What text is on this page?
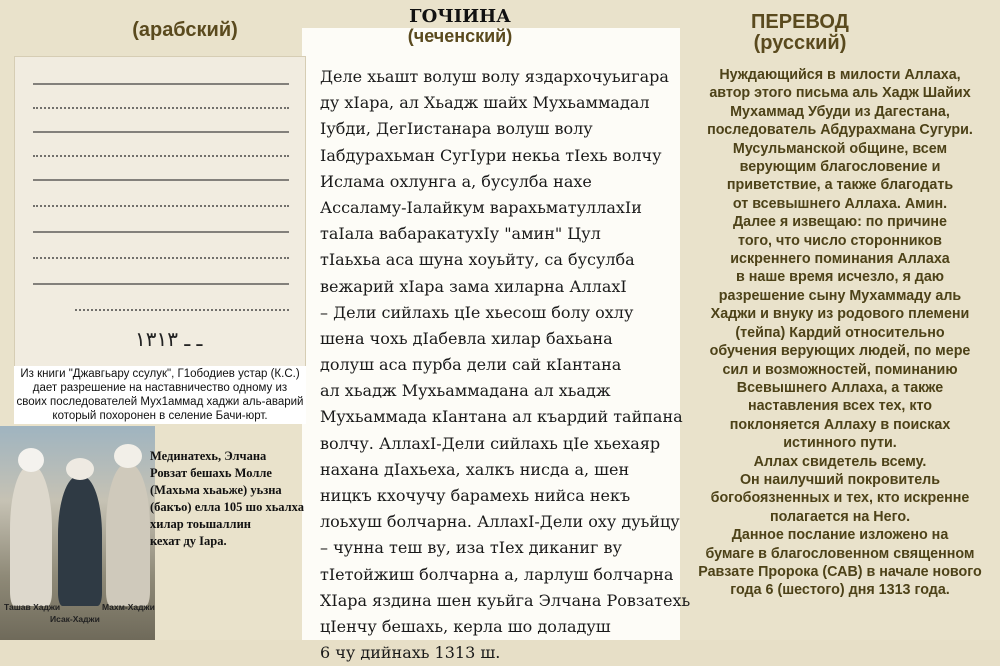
(арабский)
Деле хьашт волуш волу яздархочуьигара
ду хІара, ал Хьадж шайх Мухьаммадал
Іубди, ДегІистанара волуш волу
Іабдурахьман СугІури некьа тІехь волчу
Ислама охлунга а, бусулба нахе
Ассаламу-Іалайкум варахьматуллахІи
таІала вабаракатухІу "амин" Цул
тІаьхьа аса шуна хоуьйту, са бусулба
вежарий хІара зама хиларна АллахІ
– Дели сийлахь цІе хьесош болу охлу
шена чохь дІабевла хилар бахьана
долуш аса пурба дели сай кІантана
ал хьадж Мухьаммадана ал хьадж
Мухьаммада кІантана ал къардий тайпана
волчу. АллахІ-Дели сийлахь цІе хьехаяр
нахана дІахьеха, халкъ нисда а, шен
ницкъ кхочучу барамехь нийса некъ
лоьхуш болчарна. АллахІ-Дели оху дуьйцу
– чунна теш ву, иза тІех диканиг ву
тІетойжиш болчарна а, ларлуш болчарна
ХІара яздина шен куьйга Элчана Ровзатехь
цІенчу бешахь, керла шо доладуш
6 чу дийнахь 1313 ш.
ГОЧІИНА
(чеченский)
ПЕРЕВОД
(русский)
ـ ـ ١٣١٣
Из книги "Джавгьару ссулук", Г1ободиев устар (К.С.)
дает разрешение на наставничество одному из
своих последователей Мух1аммад хаджи аль-аварий
который похоронен в селение Бачи-юрт.
Ташав Хаджи
Исак-Хаджи
Махм-Хаджи
Мединатехь, Элчана
Ровзат бешахь Молле
(Махьма хьаьже) уьзна
(бакъо) елла 105 шо хьалха
хилар тоьшаллин
кехат ду Іара.
Нуждающийся в милости Аллаха,
автор этого письма аль Хадж Шайих
Мухаммад Убуди из Дагестана,
последователь Абдурахмана Сугури.
Мусульманской общине, всем
верующим благословение и
приветствие, а также благодать
от всевышнего Аллаха. Амин.
Далее я извещаю: по причине
того, что число сторонников
искреннего поминания Аллаха
в наше время исчезло, я даю
разрешение сыну Мухаммаду аль
Хаджи и внуку из родового племени
(тейпа) Кардий относительно
обучения верующих людей, по мере
сил и возможностей, поминанию
Всевышнего Аллаха, а также
наставления всех тех, кто
поклоняется Аллаху в поисках
истинного пути.
Аллах свидетель всему.
Он наилучший покровитель
богобоязненных и тех, кто искренне
полагается на Него.
Данное послание изложено на
бумаге в благословенном священном
Равзате Пророка (САВ) в начале нового
года 6 (шестого) дня 1313 года.
